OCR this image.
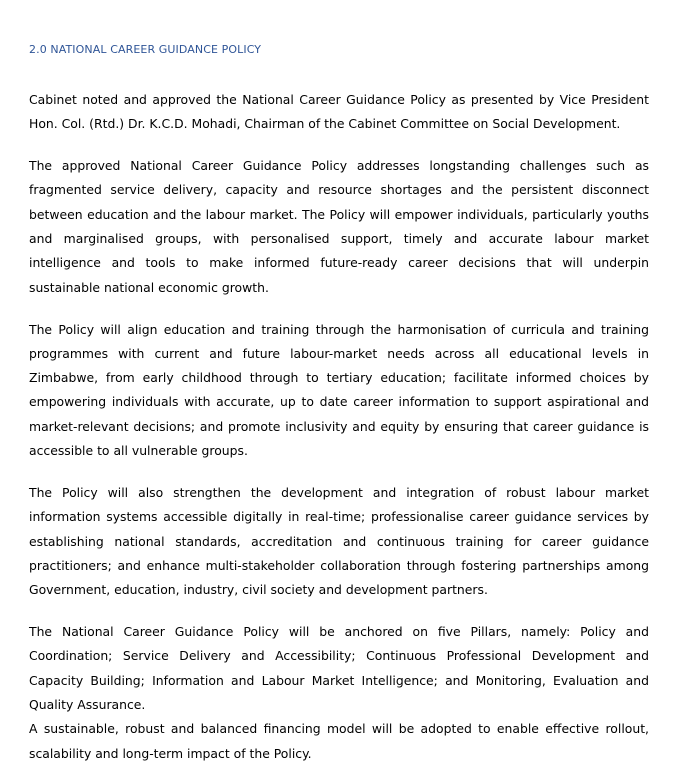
2.0 NATIONAL CAREER GUIDANCE POLICY

Cabinet noted and approved the National Career Guidance Policy as presented by Vice President Hon. Col. (Rtd.) Dr. K.C.D. Mohadi, Chairman of the Cabinet Committee on Social Development.

The approved National Career Guidance Policy addresses longstanding challenges such as fragmented service delivery, capacity and resource shortages and the persistent disconnect between education and the labour market. The Policy will empower individuals, particularly youths and marginalised groups, with personalised support, timely and accurate labour market intelligence and tools to make informed future-ready career decisions that will underpin sustainable national economic growth.

The Policy will align education and training through the harmonisation of curricula and training programmes with current and future labour-market needs across all educational levels in Zimbabwe, from early childhood through to tertiary education; facilitate informed choices by empowering individuals with accurate, up to date career information to support aspirational and market-relevant decisions; and promote inclusivity and equity by ensuring that career guidance is accessible to all vulnerable groups.

The Policy will also strengthen the development and integration of robust labour market information systems accessible digitally in real-time; professionalise career guidance services by establishing national standards, accreditation and continuous training for career guidance practitioners; and enhance multi-stakeholder collaboration through fostering partnerships among Government, education, industry, civil society and development partners.

The National Career Guidance Policy will be anchored on five Pillars, namely: Policy and Coordination; Service Delivery and Accessibility; Continuous Professional Development and Capacity Building; Information and Labour Market Intelligence; and Monitoring, Evaluation and Quality Assurance.

A sustainable, robust and balanced financing model will be adopted to enable effective rollout, scalability and long-term impact of the Policy.
